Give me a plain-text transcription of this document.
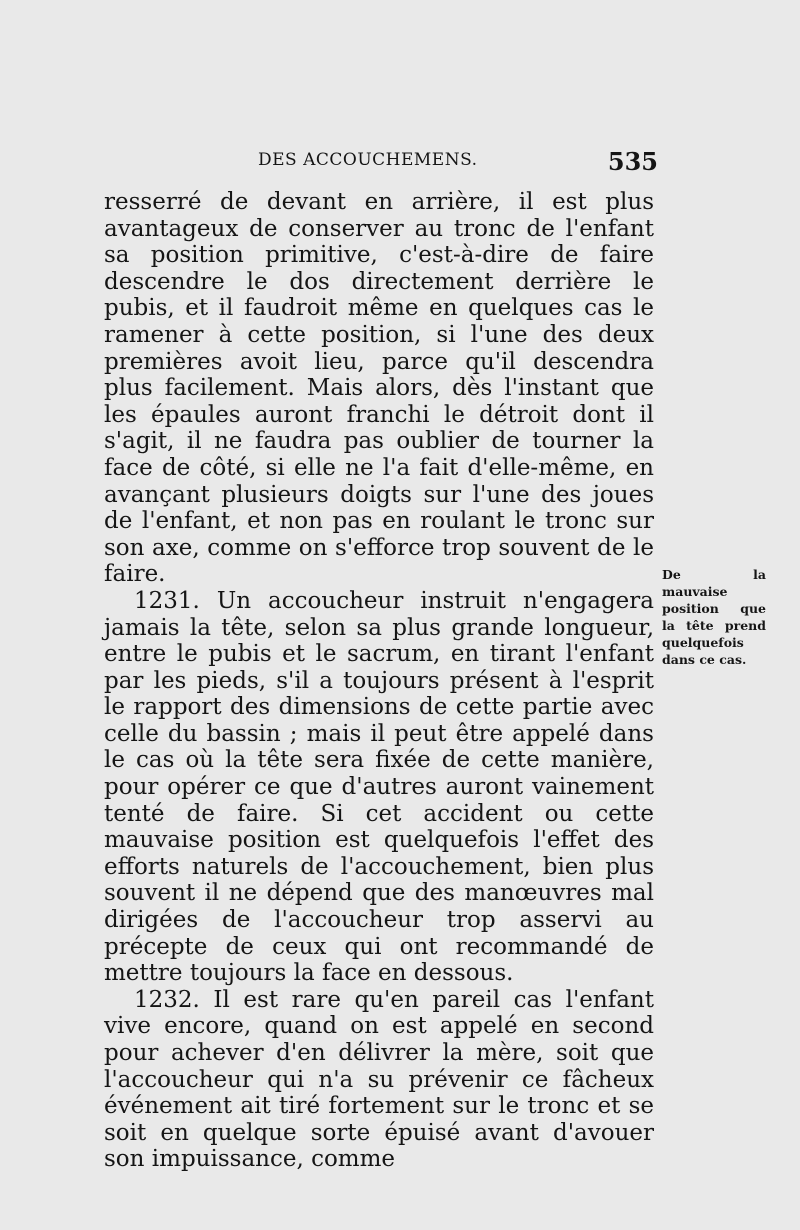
DES ACCOUCHEMENS.	535

resserré de devant en arrière, il est plus avantageux de conserver au tronc de l'enfant sa position primitive, c'est-à-dire de faire descendre le dos directement derrière le pubis, et il faudroit même en quelques cas le ramener à cette position, si l'une des deux premières avoit lieu, parce qu'il descendra plus facilement. Mais alors, dès l'instant que les épaules auront franchi le détroit dont il s'agit, il ne faudra pas oublier de tourner la face de côté, si elle ne l'a fait d'elle-même, en avançant plusieurs doigts sur l'une des joues de l'enfant, et non pas en roulant le tronc sur son axe, comme on s'efforce trop souvent de le faire.

1231. Un accoucheur instruit n'engagera jamais la tête, selon sa plus grande longueur, entre le pubis et le sacrum, en tirant l'enfant par les pieds, s'il a toujours présent à l'esprit le rapport des dimensions de cette partie avec celle du bassin ; mais il peut être appelé dans le cas où la tête sera fixée de cette manière, pour opérer ce que d'autres auront vainement tenté de faire. Si cet accident ou cette mauvaise position est quelquefois l'effet des efforts naturels de l'accouchement, bien plus souvent il ne dépend que des manœuvres mal dirigées de l'accoucheur trop asservi au précepte de ceux qui ont recommandé de mettre toujours la face en dessous.

1232. Il est rare qu'en pareil cas l'enfant vive encore, quand on est appelé en second pour achever d'en délivrer la mère, soit que l'accoucheur qui n'a su prévenir ce fâcheux événement ait tiré fortement sur le tronc et se soit en quelque sorte épuisé avant d'avouer son impuissance, comme

De la mauvaise position que la tête prend quelquefois dans ce cas.
